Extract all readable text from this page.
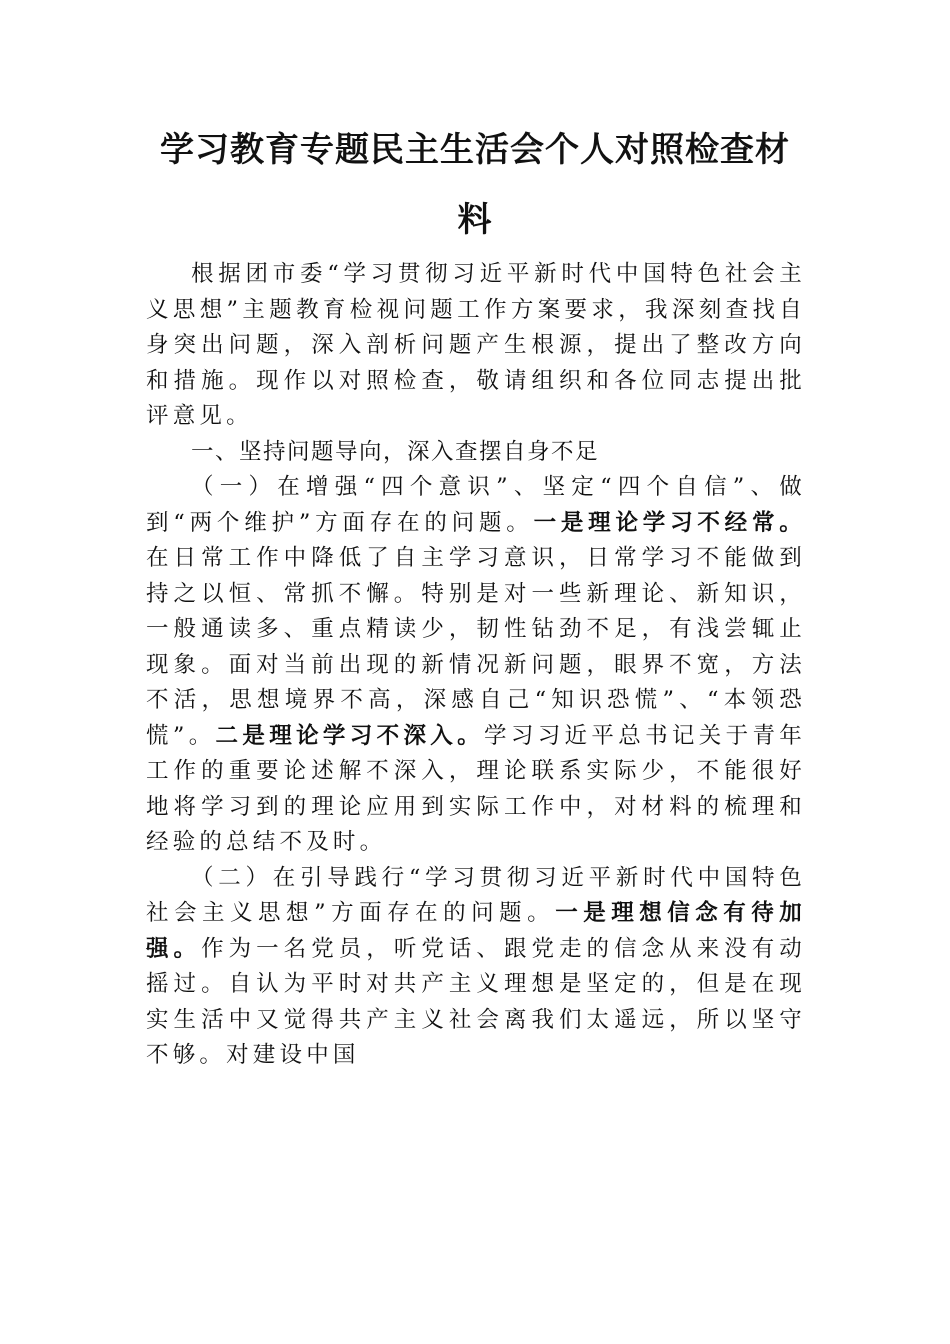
学习教育专题民主生活会个人对照检查材
料

根据团市委“学习贯彻习近平新时代中国特色社会主义思想”主题教育检视问题工作方案要求，我深刻查找自身突出问题，深入剖析问题产生根源，提出了整改方向和措施。现作以对照检查，敬请组织和各位同志提出批评意见。

一、坚持问题导向，深入查摆自身不足

（一）在增强“四个意识”、坚定“四个自信”、做到“两个维护”方面存在的问题。一是理论学习不经常。在日常工作中降低了自主学习意识，日常学习不能做到持之以恒、常抓不懈。特别是对一些新理论、新知识，一般通读多、重点精读少，韧性钻劲不足，有浅尝辄止现象。面对当前出现的新情况新问题，眼界不宽，方法不活，思想境界不高，深感自己“知识恐慌”、“本领恐慌”。二是理论学习不深入。学习习近平总书记关于青年工作的重要论述解不深入，理论联系实际少，不能很好地将学习到的理论应用到实际工作中，对材料的梳理和经验的总结不及时。

（二）在引导践行“学习贯彻习近平新时代中国特色社会主义思想”方面存在的问题。一是理想信念有待加强。作为一名党员，听党话、跟党走的信念从来没有动摇过。自认为平时对共产主义理想是坚定的，但是在现实生活中又觉得共产主义社会离我们太遥远，所以坚守不够。对建设中国
